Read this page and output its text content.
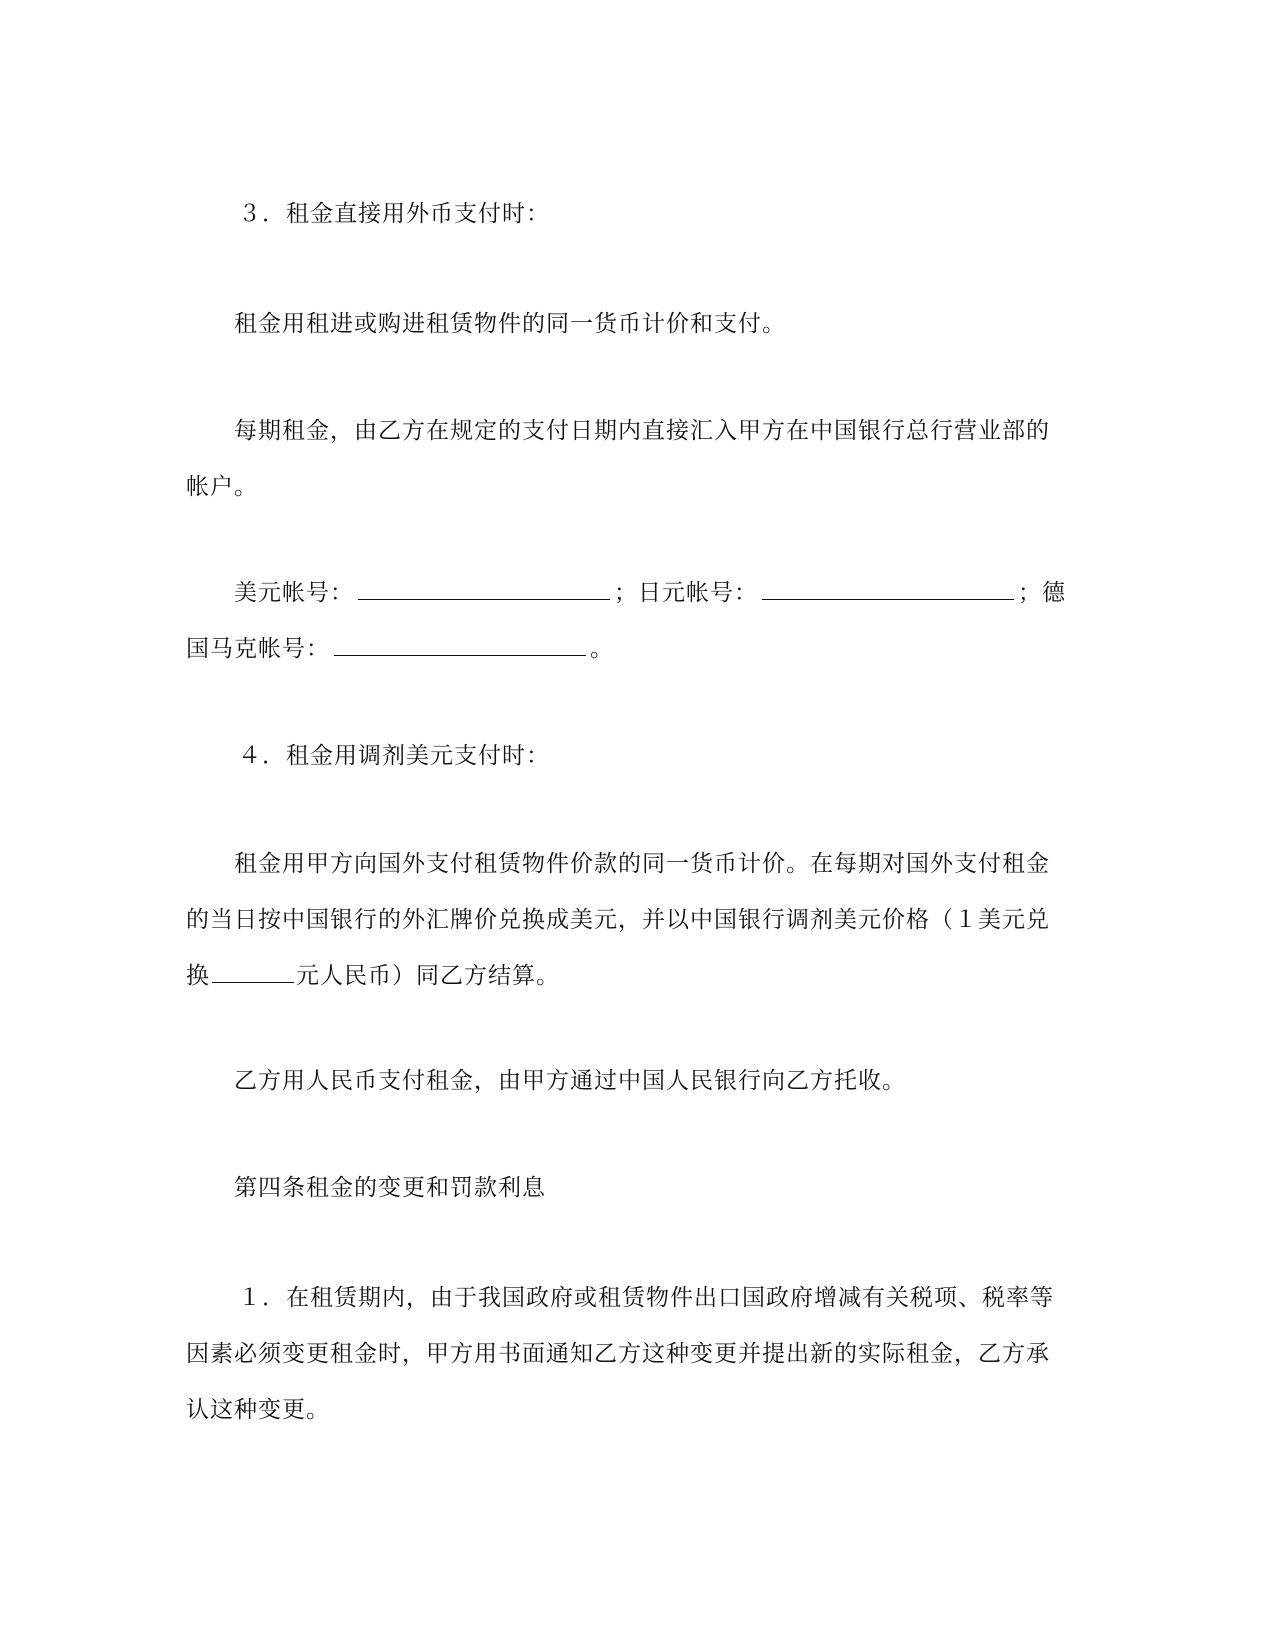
３．租金直接用外币支付时：

租金用租进或购进租赁物件的同一货币计价和支付。

每期租金，由乙方在规定的支付日期内直接汇入甲方在中国银行总行营业部的
帐户。

美元帐号：	；日元帐号：	；德
国马克帐号：	。

４．租金用调剂美元支付时：

租金用甲方向国外支付租赁物件价款的同一货币计价。在每期对国外支付租金
的当日按中国银行的外汇牌价兑换成美元，并以中国银行调剂美元价格（１美元兑
换	元人民币）同乙方结算。

乙方用人民币支付租金，由甲方通过中国人民银行向乙方托收。

第四条租金的变更和罚款利息

１．在租赁期内，由于我国政府或租赁物件出口国政府增减有关税项、税率等
因素必须变更租金时，甲方用书面通知乙方这种变更并提出新的实际租金，乙方承
认这种变更。
